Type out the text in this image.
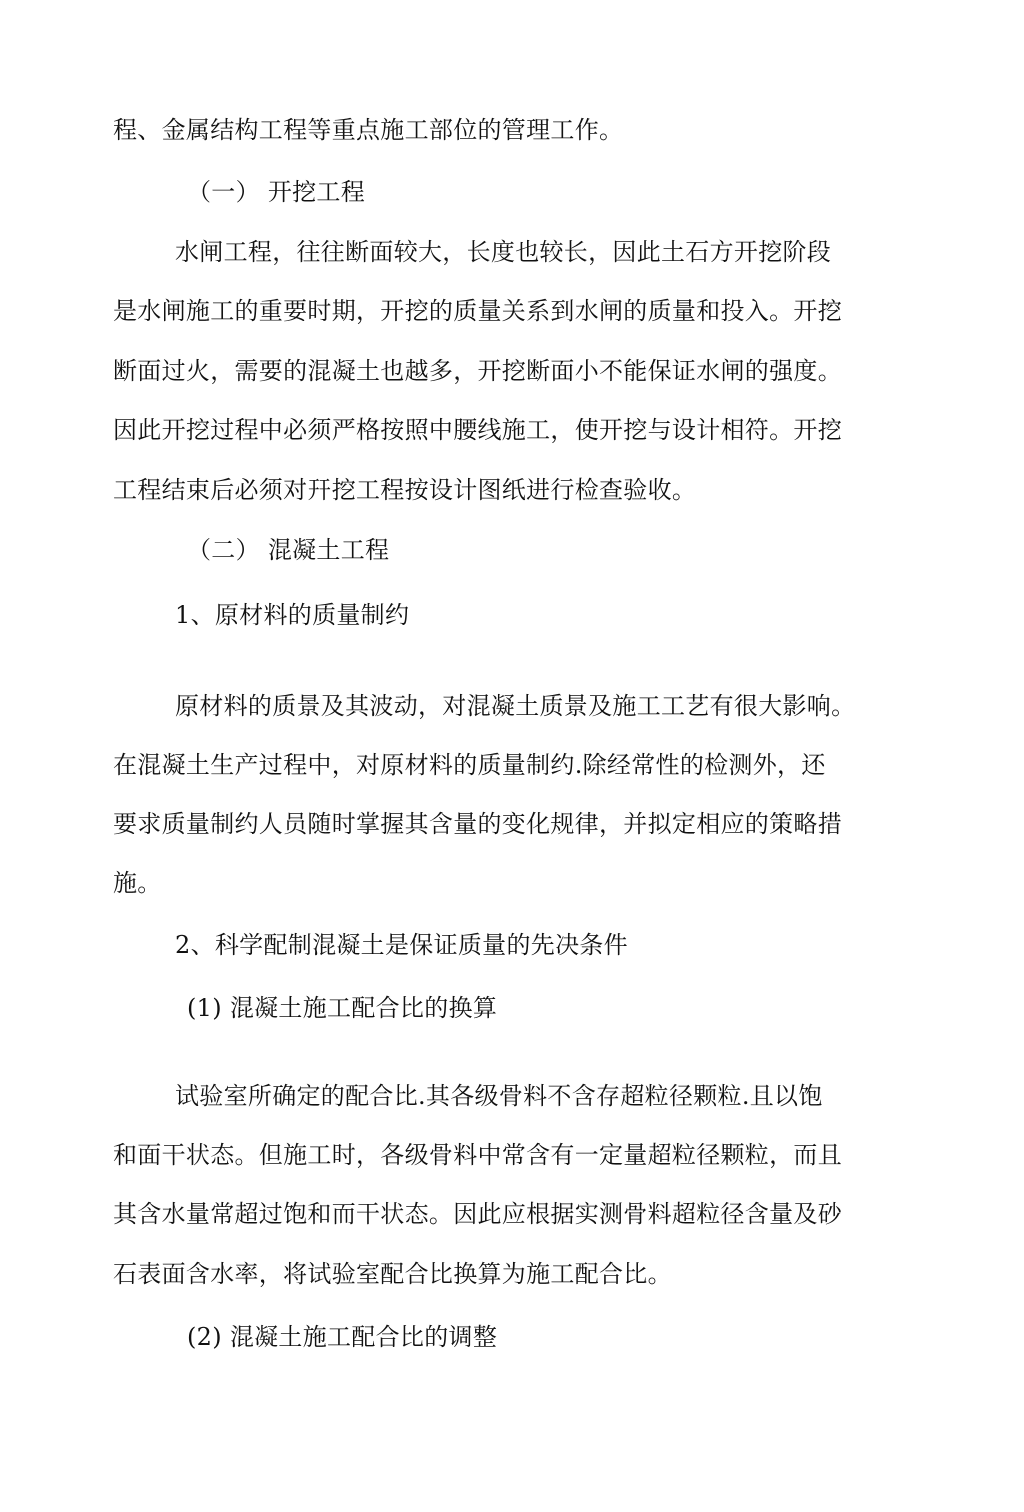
程、金属结构工程等重点施工部位的管理工作。
（一） 开挖工程
水闸工程，往往断面较大，长度也较长，因此土石方开挖阶段
是水闸施工的重要时期，开挖的质量关系到水闸的质量和投入。开挖
断面过火，需要的混凝土也越多，开挖断面小不能保证水闸的强度。
因此开挖过程中必须严格按照中腰线施工，使开挖与设计相符。开挖
工程结束后必须对幵挖工程按设计图纸进行检查验收。
（二） 混凝土工程
1、原材料的质量制约
原材料的质景及其波动，对混凝土质景及施工工艺有很大影响。
在混凝土生产过程中，对原材料的质量制约.除经常性的检测外，还
要求质量制约人员随时掌握其含量的变化规律，并拟定相应的策略措
施。
2、科学配制混凝土是保证质量的先决条件
(1) 混凝土施工配合比的换算
试验室所确定的配合比.其各级骨料不含存超粒径颗粒.且以饱
和面干状态。但施工时，各级骨料中常含有一定量超粒径颗粒，而且
其含水量常超过饱和而干状态。因此应根据实测骨料超粒径含量及砂
石表面含水率，将试验室配合比换算为施工配合比。
(2) 混凝土施工配合比的调整
